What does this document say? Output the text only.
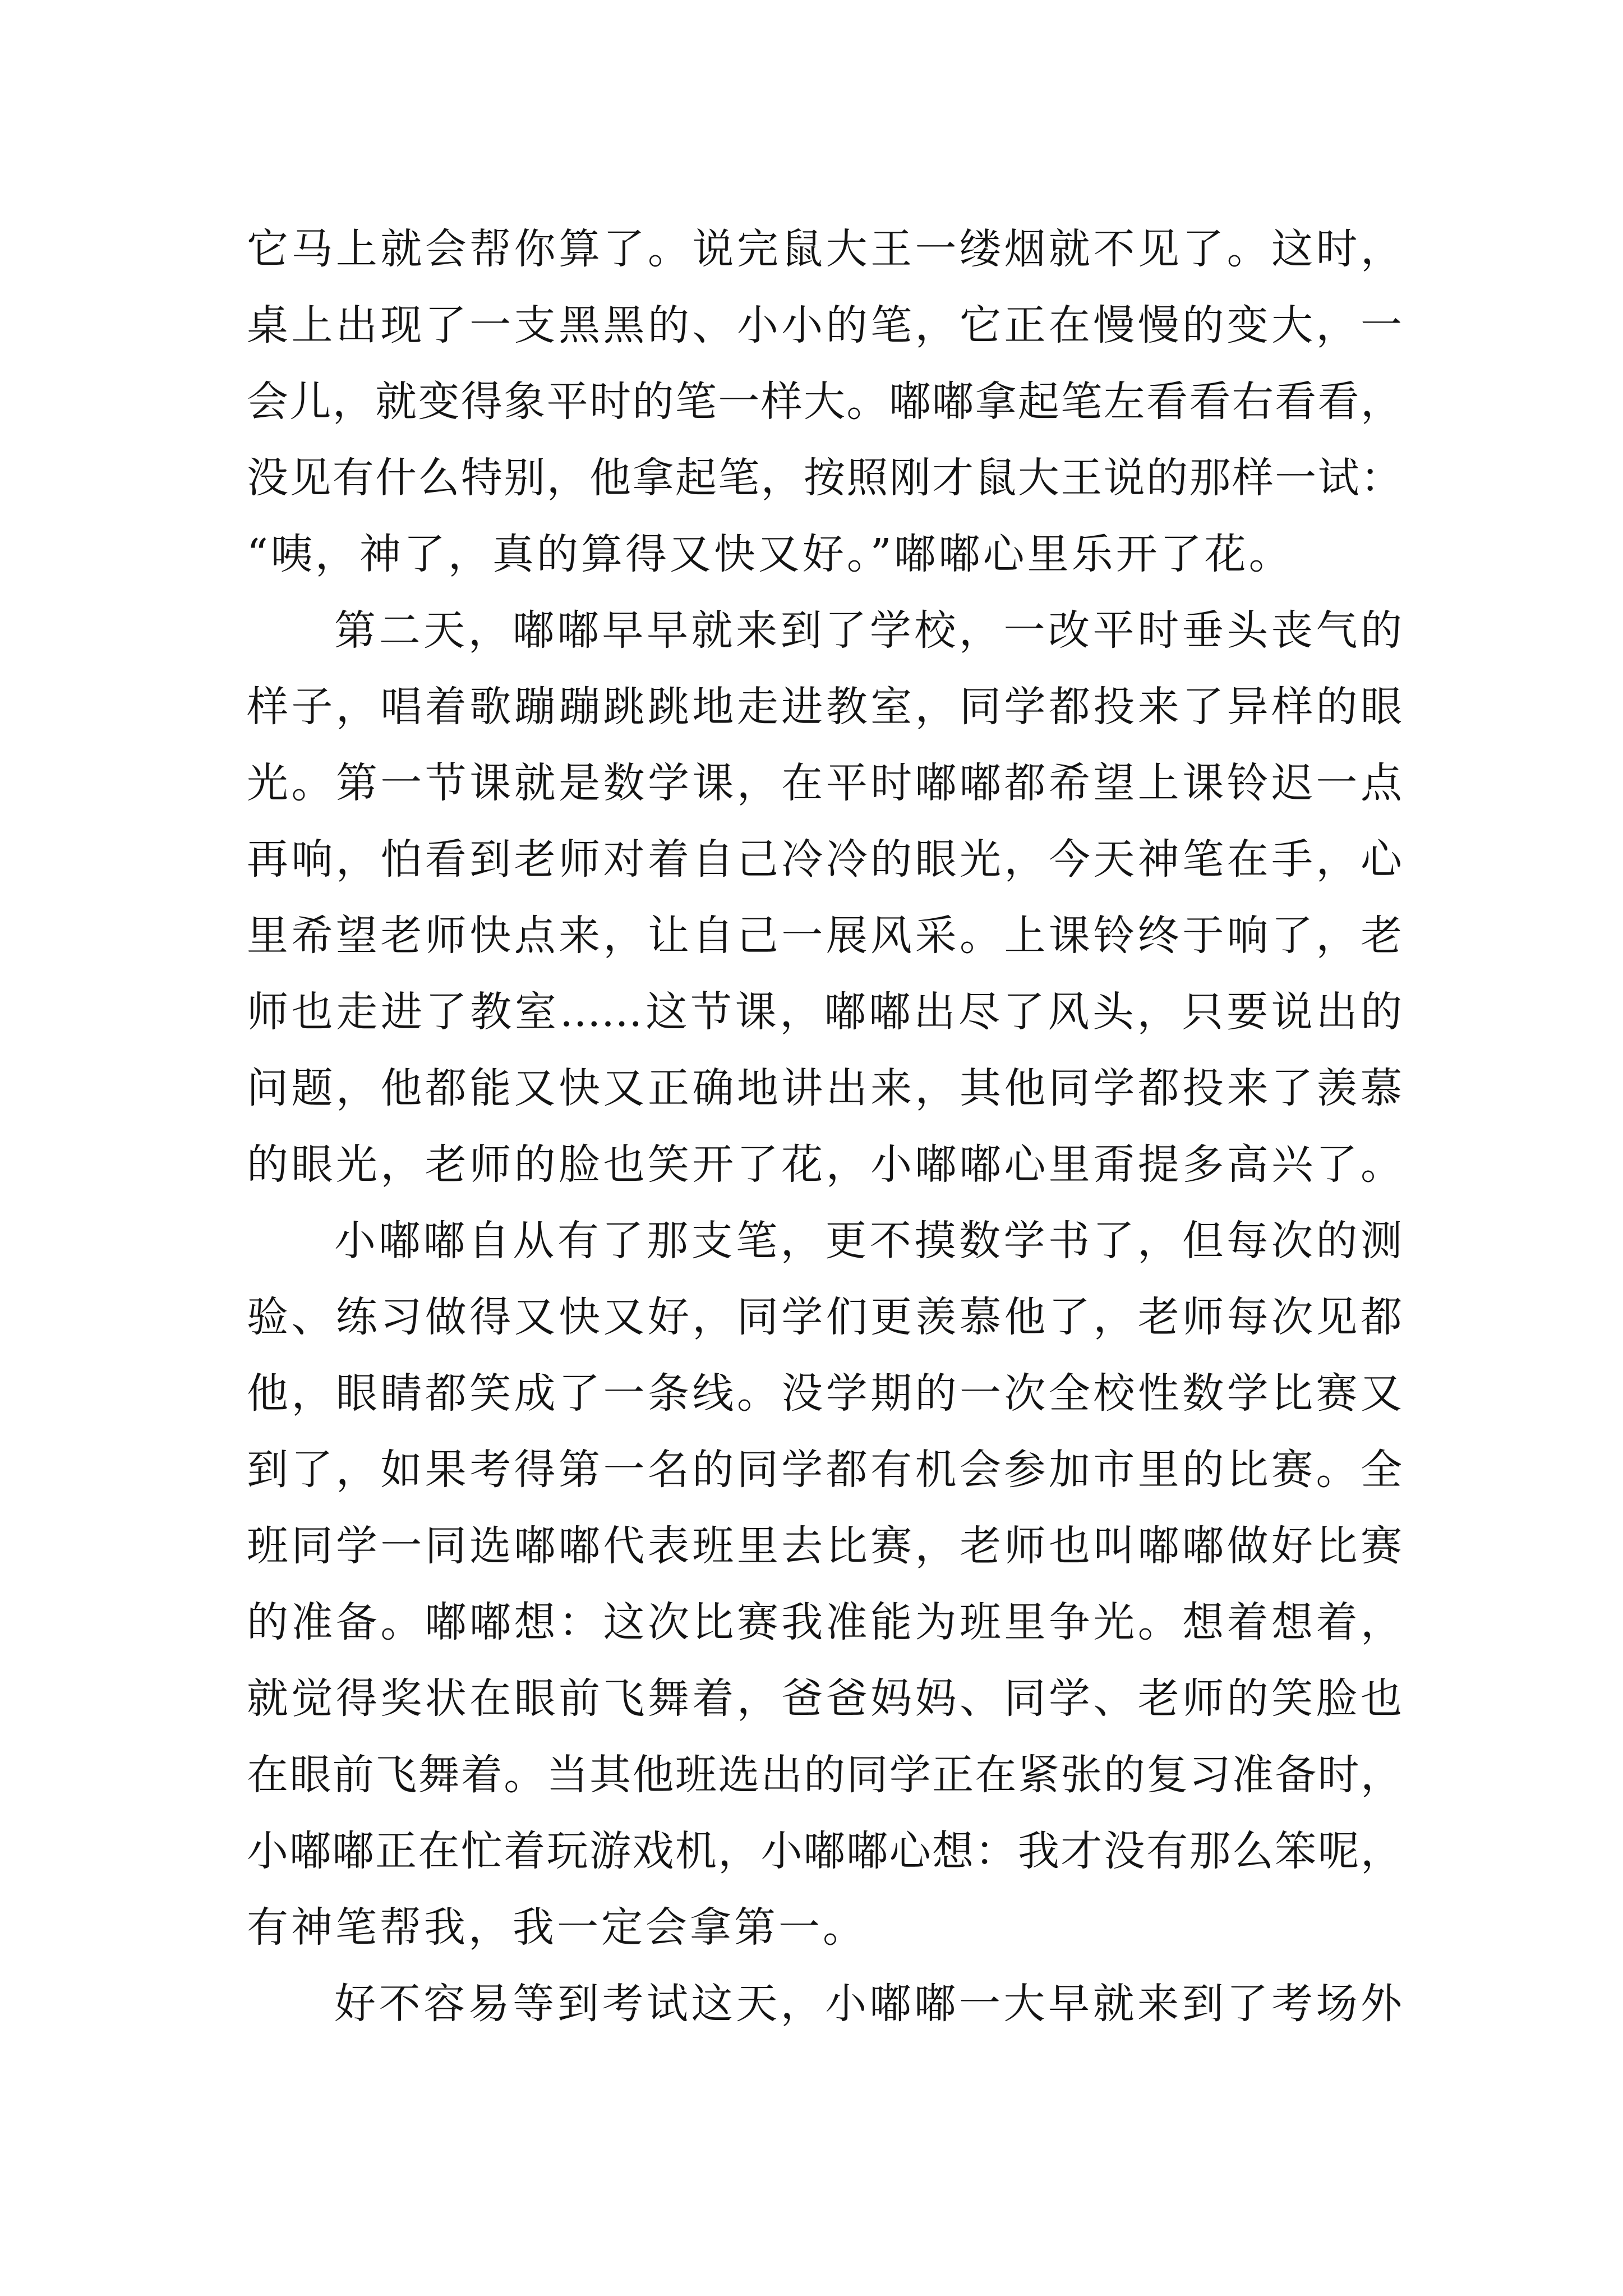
它马上就会帮你算了。说完鼠大王一缕烟就不见了。这时，
桌上出现了一支黑黑的、小小的笔，它正在慢慢的变大，一
会儿，就变得象平时的笔一样大。嘟嘟拿起笔左看看右看看，
没见有什么特别，他拿起笔，按照刚才鼠大王说的那样一试：
“咦，神了，真的算得又快又好。”嘟嘟心里乐开了花。
第二天，嘟嘟早早就来到了学校，一改平时垂头丧气的
样子，唱着歌蹦蹦跳跳地走进教室，同学都投来了异样的眼
光。第一节课就是数学课，在平时嘟嘟都希望上课铃迟一点
再响，怕看到老师对着自己冷冷的眼光，今天神笔在手，心
里希望老师快点来，让自己一展风采。上课铃终于响了，老
师也走进了教室……这节课，嘟嘟出尽了风头，只要说出的
问题，他都能又快又正确地讲出来，其他同学都投来了羡慕
的眼光，老师的脸也笑开了花，小嘟嘟心里甭提多高兴了。
小嘟嘟自从有了那支笔，更不摸数学书了，但每次的测
验、练习做得又快又好，同学们更羡慕他了，老师每次见都
他，眼睛都笑成了一条线。没学期的一次全校性数学比赛又
到了，如果考得第一名的同学都有机会参加市里的比赛。全
班同学一同选嘟嘟代表班里去比赛，老师也叫嘟嘟做好比赛
的准备。嘟嘟想：这次比赛我准能为班里争光。想着想着，
就觉得奖状在眼前飞舞着，爸爸妈妈、同学、老师的笑脸也
在眼前飞舞着。当其他班选出的同学正在紧张的复习准备时，
小嘟嘟正在忙着玩游戏机，小嘟嘟心想：我才没有那么笨呢，
有神笔帮我，我一定会拿第一。
好不容易等到考试这天，小嘟嘟一大早就来到了考场外
